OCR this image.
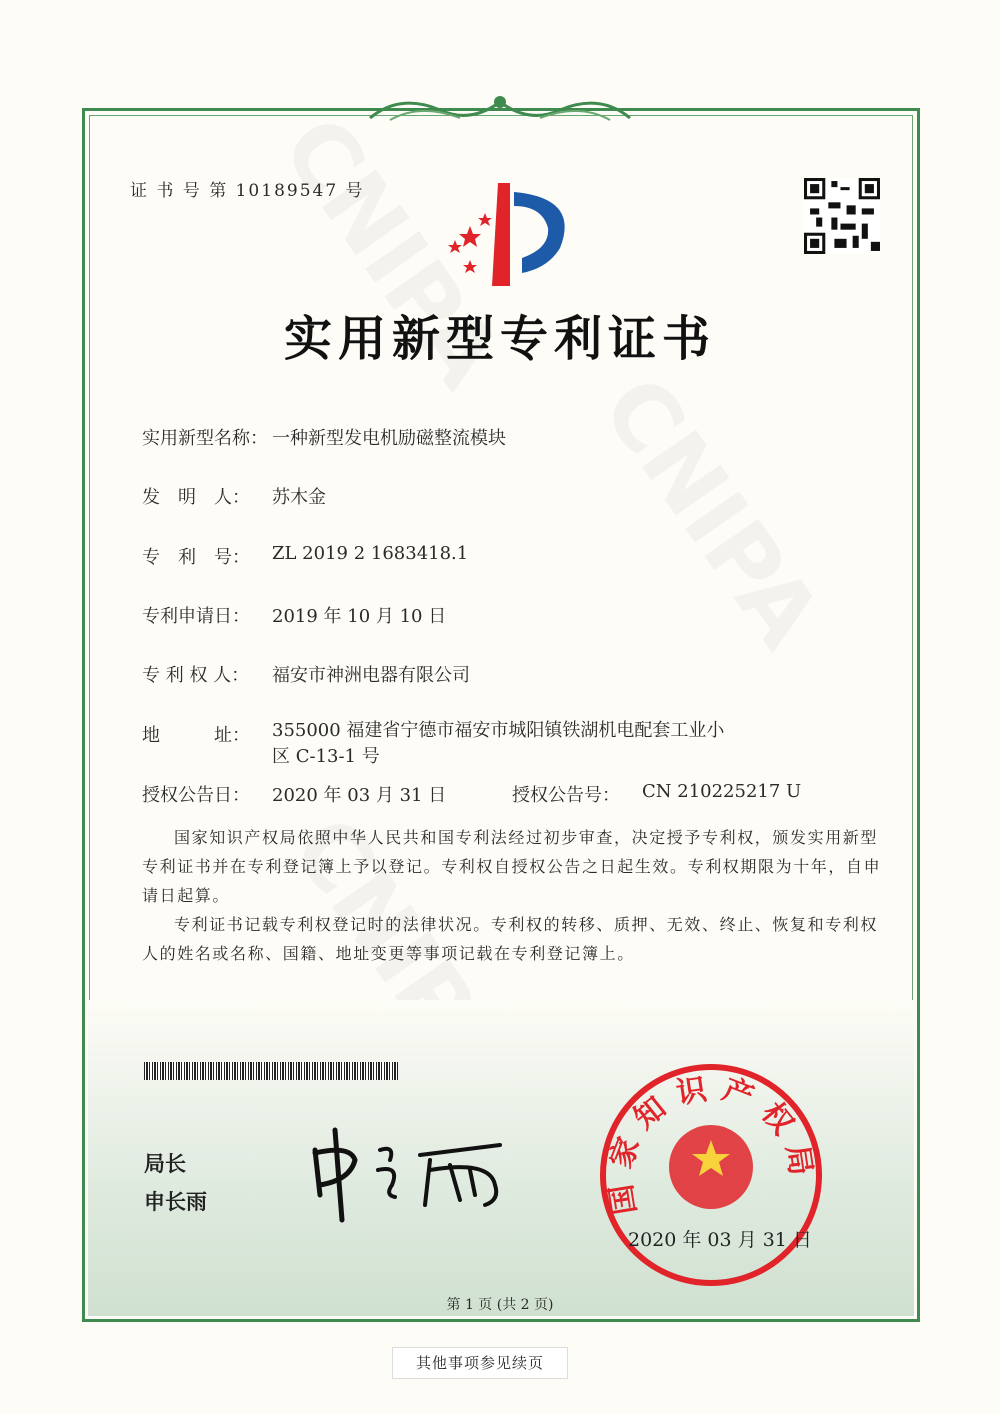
证 书 号 第 10189547 号
实用新型专利证书
实用新型名称： 一种新型发电机励磁整流模块
发　明　人：	苏木金
专　利　号：	ZL 2019 2 1683418.1
专利申请日：	2019 年 10 月 10 日
专 利 权 人：	福安市神洲电器有限公司
地　　　址：	355000 福建省宁德市福安市城阳镇铁湖机电配套工业小
区 C-13-1 号
授权公告日：	2020 年 03 月 31 日	授权公告号：	CN 210225217 U
国家知识产权局依照中华人民共和国专利法经过初步审查，决定授予专利权，颁发实用新型专利证书并在专利登记簿上予以登记。专利权自授权公告之日起生效。专利权期限为十年，自申请日起算。
专利证书记载专利权登记时的法律状况。专利权的转移、质押、无效、终止、恢复和专利权人的姓名或名称、国籍、地址变更等事项记载在专利登记簿上。
局长
申长雨	国家知识产权局
2020 年 03 月 31 日
第 1 页 (共 2 页)
其他事项参见续页
